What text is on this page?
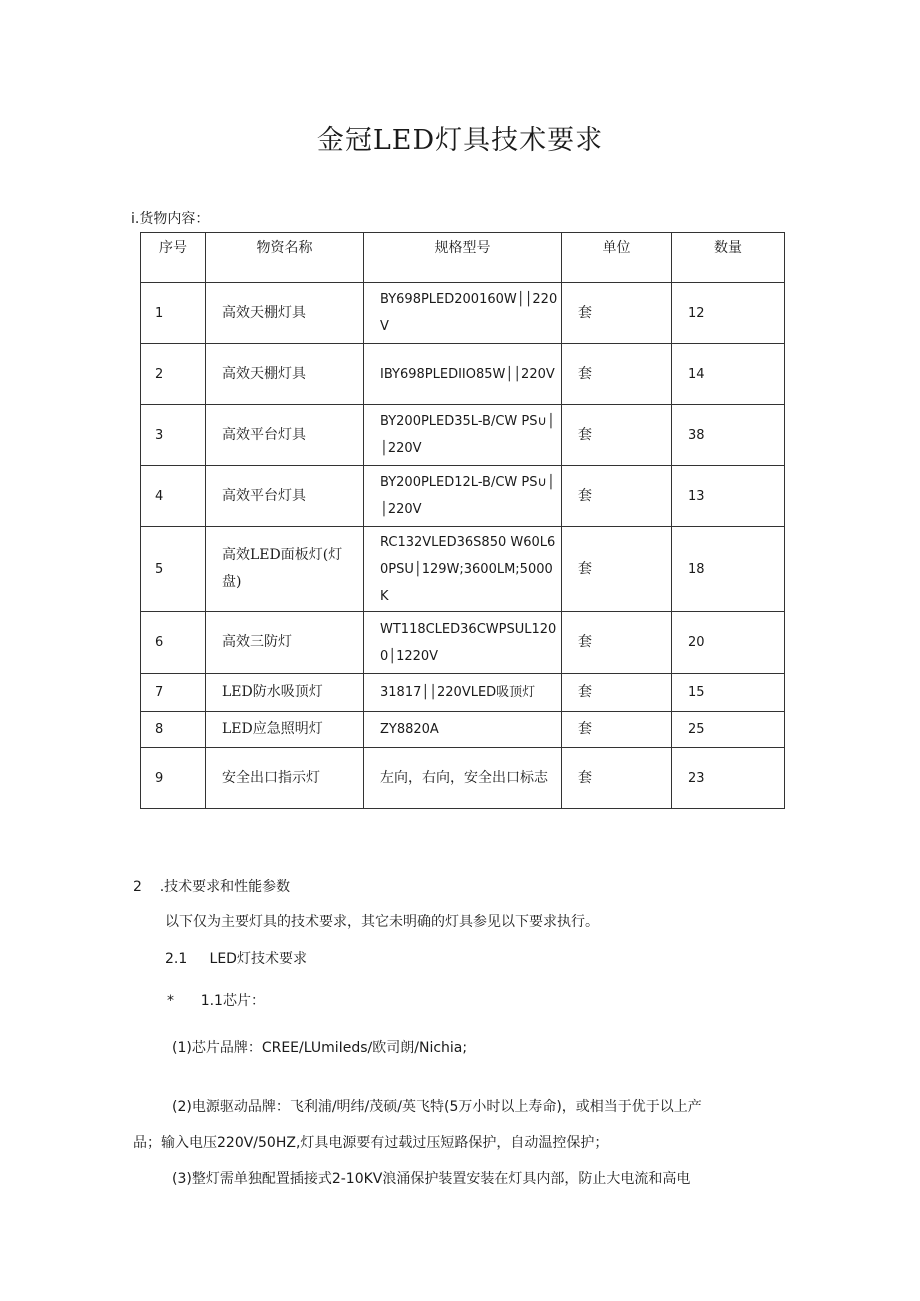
金冠LED灯具技术要求
i.货物内容：
序号	物资名称	规格型号	单位	数量
1	高效天棚灯具	BY698PLED200160W││220V	套	12
2	高效天棚灯具	IBY698PLEDIIO85W││220V	套	14
3	高效平台灯具	BY200PLED35L-B/CW PS∪││220V	套	38
4	高效平台灯具	BY200PLED12L-B/CW PS∪││220V	套	13
5	高效LED面板灯(灯盘)	RC132VLED36S850 W60L60PSU│129W;3600LM;5000K	套	18
6	高效三防灯	WT118CLED36CWPSUL1200│1220V	套	20
7	LED防水吸顶灯	31817││220VLED吸顶灯	套	15
8	LED应急照明灯	ZY8820A	套	25
9	安全出口指示灯	左向，右向，安全出口标志	套	23
2    .技术要求和性能参数
以下仅为主要灯具的技术要求，其它未明确的灯具参见以下要求执行。
2.1     LED灯技术要求
*      1.1芯片：
(1)芯片品牌：CREE/LUmiIeds∕欧司朗/Nichia;
(2)电源驱动品牌：飞利浦/明纬/茂硕/英飞特(5万小时以上寿命)，或相当于优于以上产
品；输入电压220V/50HZ,灯具电源要有过载过压短路保护，自动温控保护；
(3)整灯需单独配置插接式2-10KV浪涌保护装置安装在灯具内部，防止大电流和高电
